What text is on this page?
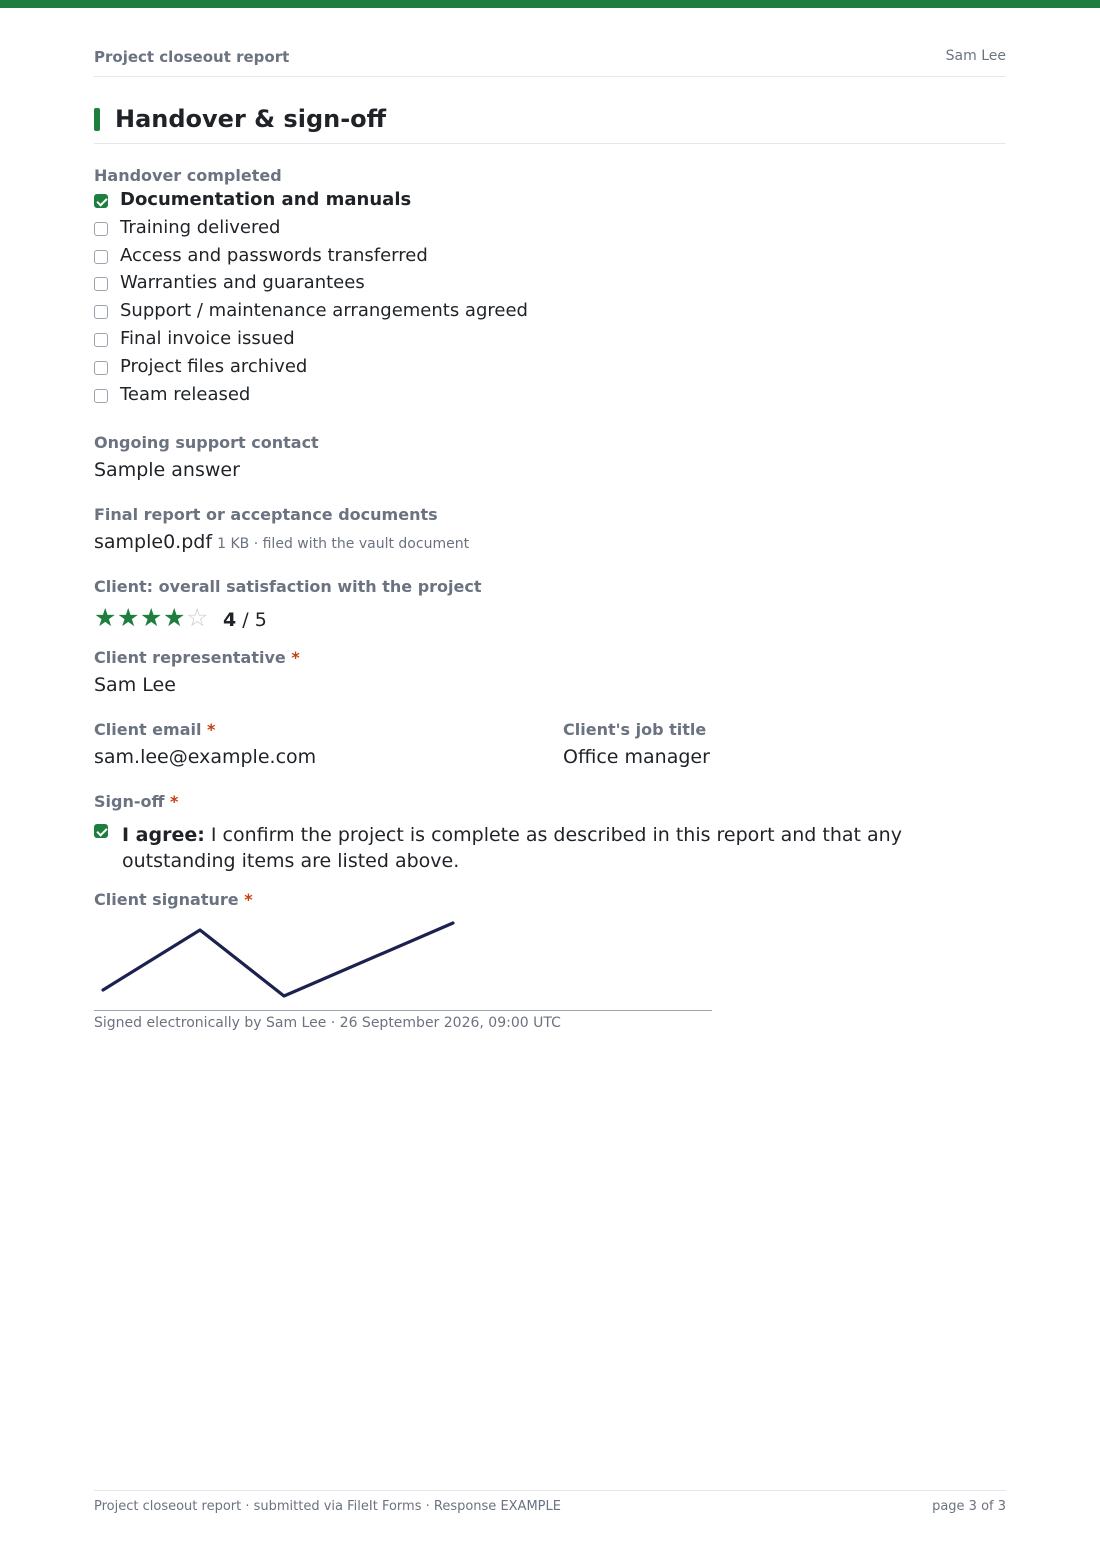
Project closeout report	Sam Lee
Handover & sign-off
Handover completed
Documentation and manuals
Training delivered
Access and passwords transferred
Warranties and guarantees
Support / maintenance arrangements agreed
Final invoice issued
Project files archived
Team released
Ongoing support contact
Sample answer
Final report or acceptance documents
sample0.pdf 1 KB · filed with the vault document
Client: overall satisfaction with the project
★★★★☆ 4 / 5
Client representative *
Sam Lee
Client email *
sam.lee@example.com
Client's job title
Office manager
Sign-off *
I agree: I confirm the project is complete as described in this report and that any outstanding items are listed above.
Client signature *
Signed electronically by Sam Lee · 26 September 2026, 09:00 UTC
Project closeout report · submitted via FileIt Forms · Response EXAMPLE	page 3 of 3
